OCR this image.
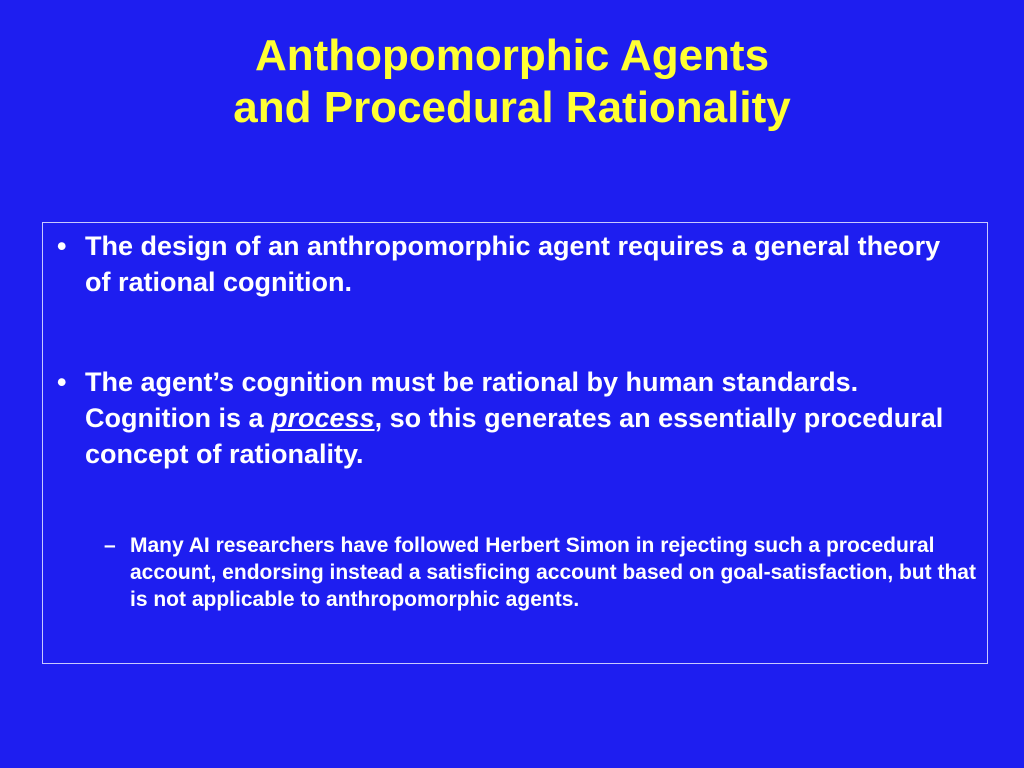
Anthopomorphic Agents
and Procedural Rationality
• The design of an anthropomorphic agent requires a general theory of rational cognition.
• The agent’s cognition must be rational by human standards. Cognition is a process, so this generates an essentially procedural concept of rationality.
– Many AI researchers have followed Herbert Simon in rejecting such a procedural account, endorsing instead a satisficing account based on goal-satisfaction, but that is not applicable to anthropomorphic agents.
